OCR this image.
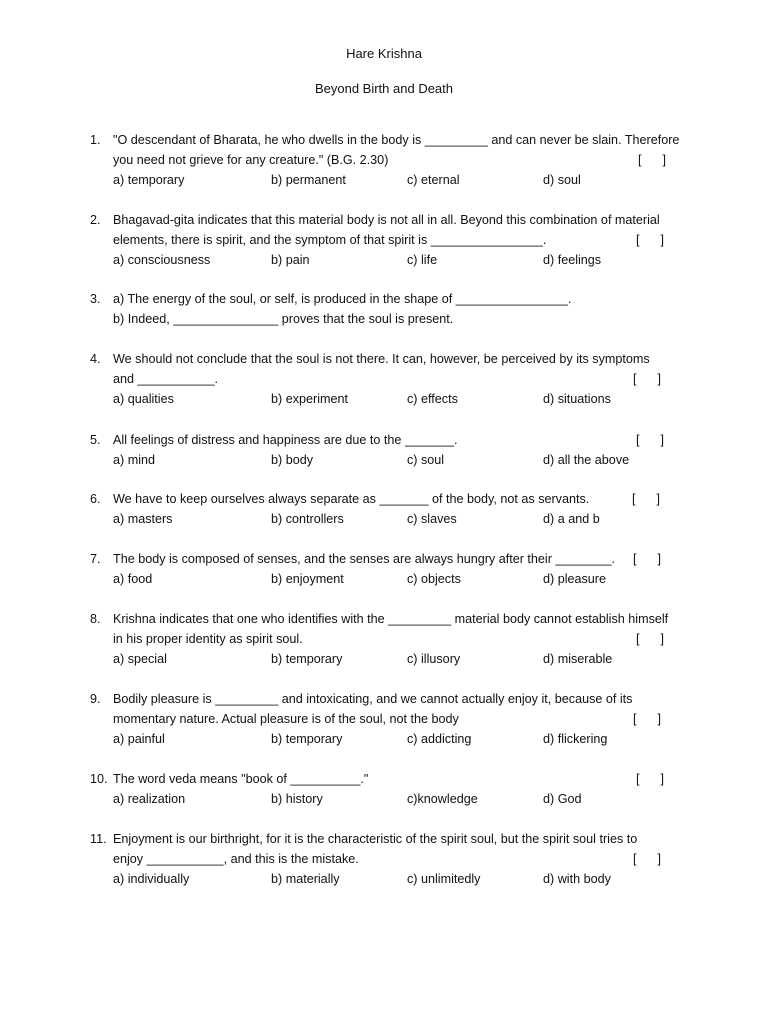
Hare Krishna
Beyond Birth and Death
1. "O descendant of Bharata, he who dwells in the body is _________ and can never be slain. Therefore
you need not grieve for any creature." (B.G. 2.30)	[      ]
a) temporary	b) permanent	c) eternal	d) soul
2. Bhagavad-gita indicates that this material body is not all in all. Beyond this combination of material
elements, there is spirit, and the symptom of that spirit is ________________.	[      ]
a) consciousness	b) pain	c) life	d) feelings
3. a) The energy of the soul, or self, is produced in the shape of ________________.
b) Indeed, _______________ proves that the soul is present.
4. We should not conclude that the soul is not there. It can, however, be perceived by its symptoms
and ___________.	[      ]
a) qualities	b) experiment	c) effects	d) situations
5. All feelings of distress and happiness are due to the _______.	[      ]
a) mind	b) body	c) soul	d) all the above
6. We have to keep ourselves always separate as _______ of the body, not as servants.	[      ]
a) masters	b) controllers	c) slaves	d) a and b
7. The body is composed of senses, and the senses are always hungry after their ________. [      ]
a) food	b) enjoyment	c) objects	d) pleasure
8. Krishna indicates that one who identifies with the _________ material body cannot establish himself
in his proper identity as spirit soul.	[      ]
a) special	b) temporary	c) illusory	d) miserable
9. Bodily pleasure is _________ and intoxicating, and we cannot actually enjoy it, because of its
momentary nature. Actual pleasure is of the soul, not the body	[      ]
a) painful	b) temporary	c) addicting	d) flickering
10. The word veda means "book of __________."	[      ]
a) realization	b) history	c)knowledge	d) God
11. Enjoyment is our birthright, for it is the characteristic of the spirit soul, but the spirit soul tries to
enjoy ___________, and this is the mistake.	[      ]
a) individually	b) materially	c) unlimitedly	d) with body
